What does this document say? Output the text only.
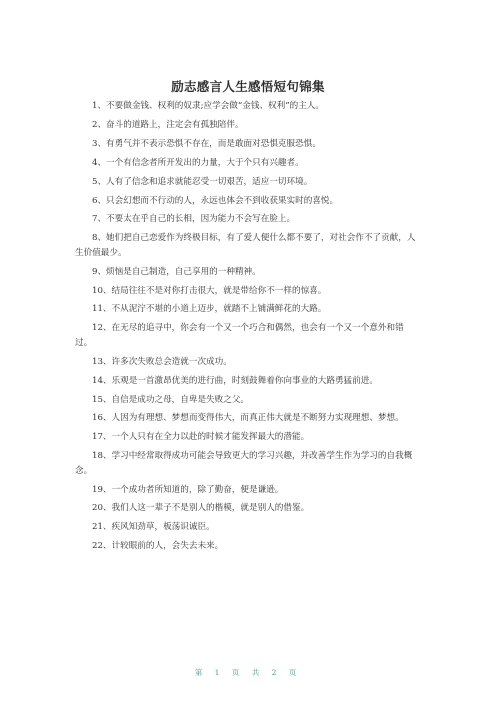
励志感言人生感悟短句锦集
1、不要做金钱、权利的奴隶;应学会做“金钱、权利”的主人。
2、奋斗的道路上，注定会有孤独陪伴。
3、有勇气并不表示恐惧不存在，而是敢面对恐惧克服恐惧。
4、一个有信念者所开发出的力量，大于个只有兴趣者。
5、人有了信念和追求就能忍受一切艰苦，适应一切环境。
6、只会幻想而不行动的人，永远也体会不到收获果实时的喜悦。
7、不要太在乎自己的长相，因为能力不会写在脸上。
8、她们把自己恋爱作为终极目标，有了爱人便什么都不要了，对社会作不了贡献，人生价值最少。
9、烦恼是自己制造，自己享用的一种精神。
10、结局往往不是对你打击很大，就是带给你不一样的惊喜。
11、不从泥泞不堪的小道上迈步，就踏不上铺满鲜花的大路。
12、在无尽的追寻中，你会有一个又一个巧合和偶然，也会有一个又一个意外和错过。
13、许多次失败总会造就一次成功。
14、乐观是一首激昂优美的进行曲，时刻鼓舞着你向事业的大路勇猛前进。
15、自信是成功之母，自卑是失败之父。
16、人因为有理想、梦想而变得伟大，而真正伟大就是不断努力实现理想、梦想。
17、一个人只有在全力以赴的时候才能发挥最大的潜能。
18、学习中经常取得成功可能会导致更大的学习兴趣，并改善学生作为学习的自我概念。
19、一个成功者所知道的，除了勤奋，便是谦逊。
20、我们人这一辈子不是别人的楷模，就是别人的借鉴。
21、疾风知劲草，板荡识诚臣。
22、计较眼前的人，会失去未来。
第 1 页 共 2 页
